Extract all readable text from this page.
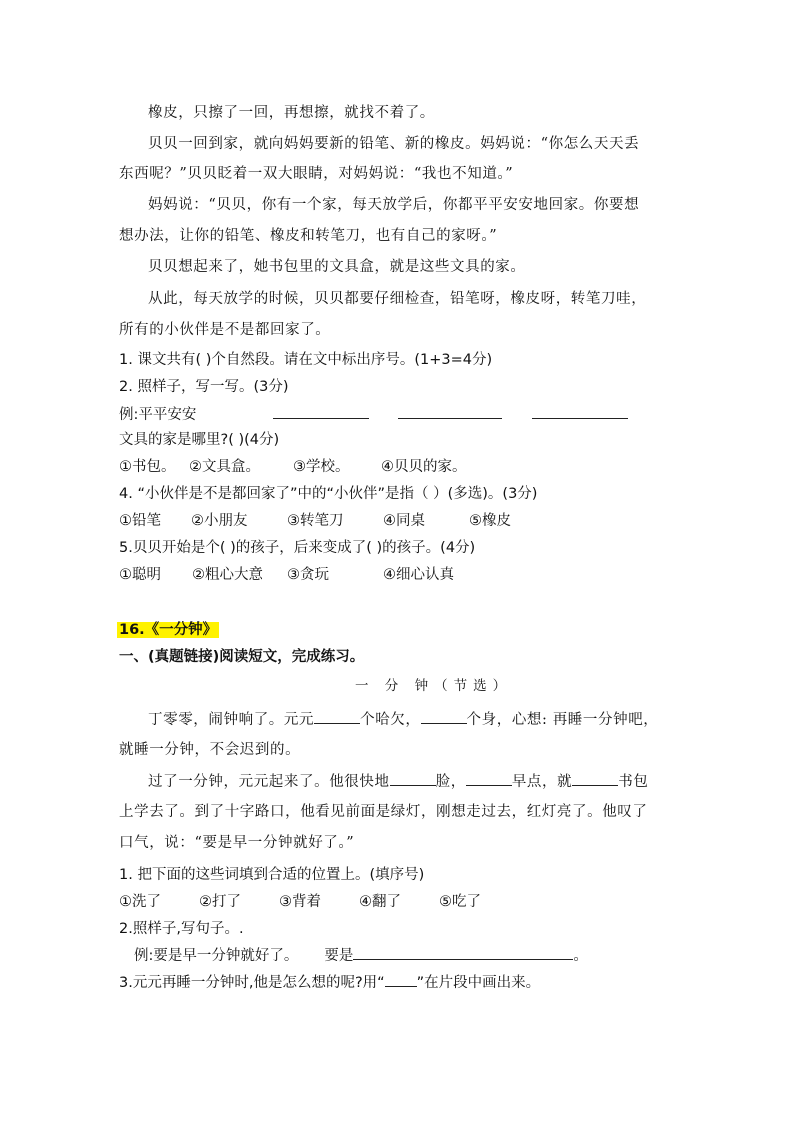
橡皮，只擦了一回，再想擦，就找不着了。
贝贝一回到家，就向妈妈要新的铅笔、新的橡皮。妈妈说：“你怎么天天丢
东西呢？”贝贝眨着一双大眼睛，对妈妈说：“我也不知道。”
妈妈说：“贝贝，你有一个家，每天放学后，你都平平安安地回家。你要想
想办法，让你的铅笔、橡皮和转笔刀，也有自己的家呀。”
贝贝想起来了，她书包里的文具盒，就是这些文具的家。
从此，每天放学的时候，贝贝都要仔细检查，铅笔呀，橡皮呀，转笔刀哇，
所有的小伙伴是不是都回家了。
1. 课文共有( )个自然段。请在文中标出序号。(1+3=4分)
2. 照样子，写一写。(3分)
例:平平安安
文具的家是哪里?( )(4分)
①书包。 ②文具盒。 ③学校。 ④贝贝的家。
4. “小伙伴是不是都回家了”中的“小伙伴”是指（ ）(多选)。(3分)
①铅笔 ②小朋友	③转笔刀	④同桌	⑤橡皮
5.贝贝开始是个( )的孩子，后来变成了( )的孩子。(4分)
①聪明 ②粗心大意 ③贪玩	④细心认真
16.《一分钟》
一、(真题链接)阅读短文，完成练习。
一 分 钟（节选）
丁零零，闹钟响了。元元	个哈欠，	个身，心想: 再睡一分钟吧，
就睡一分钟，不会迟到的。
过了一分钟，元元起来了。他很快地	脸，	早点，就	书包
上学去了。到了十字路口，他看见前面是绿灯，刚想走过去，红灯亮了。他叹了
口气，说：“要是早一分钟就好了。”
1. 把下面的这些词填到合适的位置上。(填序号)
①洗了	②打了	③背着	④翻了	⑤吃了
2.照样子,写句子。.
例:要是早一分钟就好了。 要是	。
3.元元再睡一分钟时,他是怎么想的呢?用“ ”在片段中画出来。
